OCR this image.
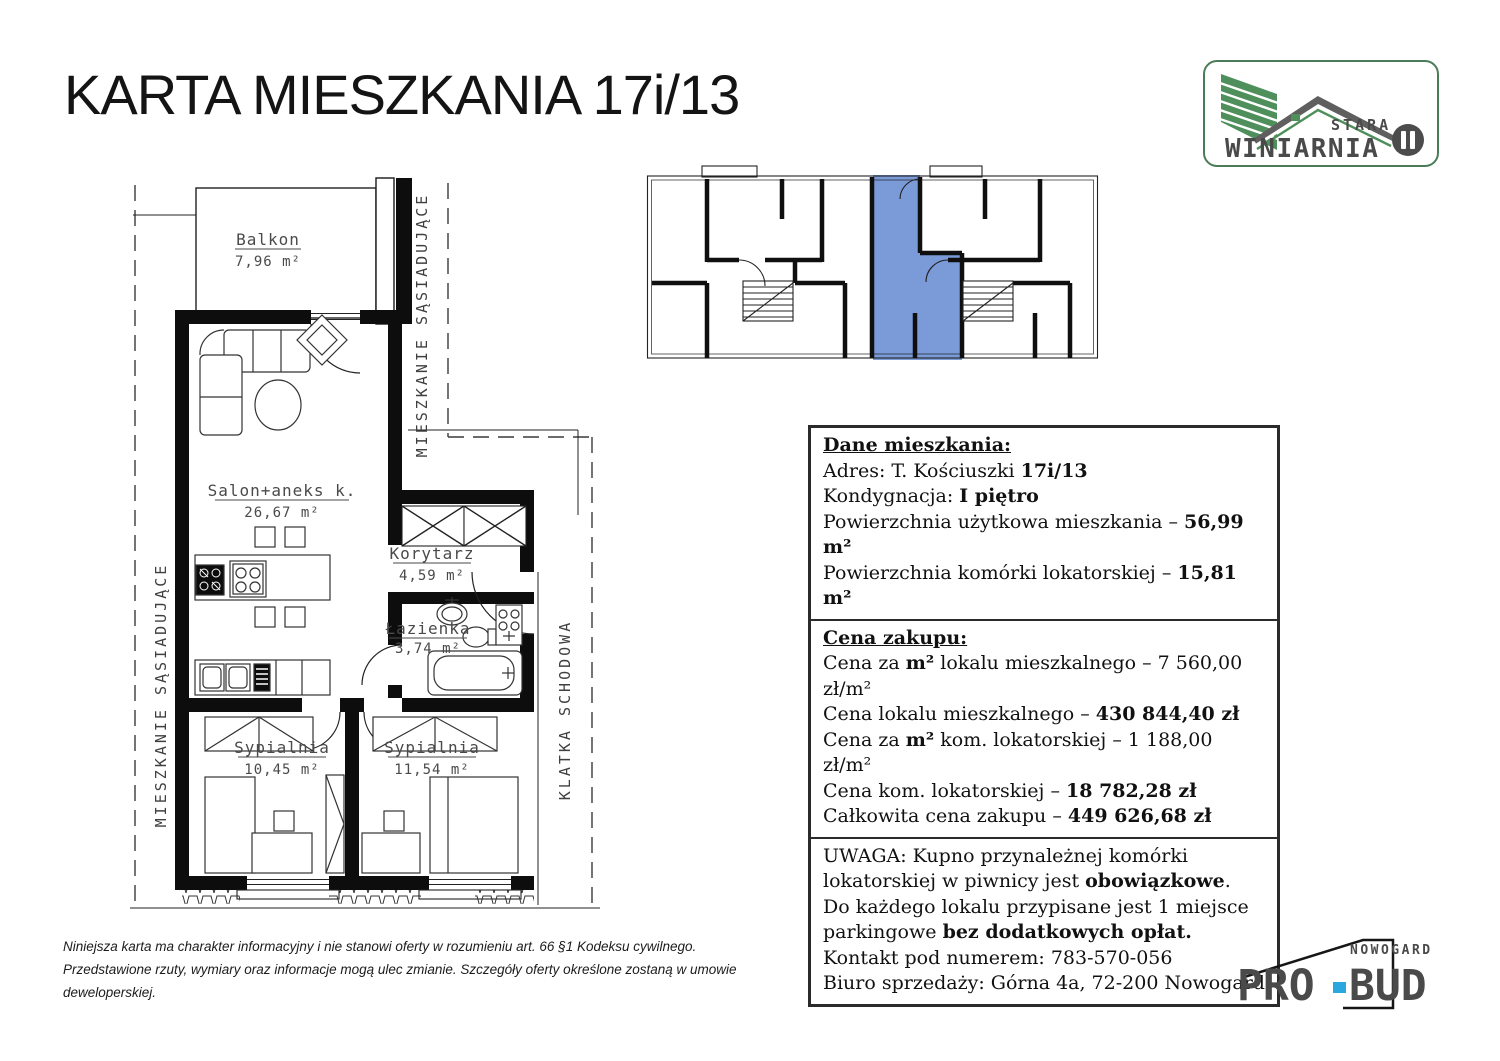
KARTA MIESZKANIA 17i/13	STARA
WINIARNIA
Balkon
7,96 m²
Salon+aneks k.
26,67 m²
Korytarz
4,59 m²
Łazienka
3,74 m²
Sypialnia
10,45 m²
Sypialnia
11,54 m²
MIESZKANIE SĄSIADUJĄCE
MIESZKANIE SĄSIADUJĄCE
KLATKA SCHODOWA
Dane mieszkania:
Adres: T. Kościuszki 17i/13
Kondygnacja: I piętro
Powierzchnia użytkowa mieszkania – 56,99 m²
Powierzchnia komórki lokatorskiej – 15,81 m²
Cena zakupu:
Cena za m² lokalu mieszkalnego – 7 560,00 zł/m²
Cena lokalu mieszkalnego – 430 844,40 zł
Cena za m² kom. lokatorskiej – 1 188,00 zł/m²
Cena kom. lokatorskiej – 18 782,28 zł
Całkowita cena zakupu – 449 626,68 zł
UWAGA: Kupno przynależnej komórki lokatorskiej w piwnicy jest obowiązkowe.
Do każdego lokalu przypisane jest 1 miejsce parkingowe bez dodatkowych opłat.
Kontakt pod numerem: 783-570-056
Biuro sprzedaży: Górna 4a, 72-200 Nowogard
Niniejsza karta ma charakter informacyjny i nie stanowi oferty w rozumieniu art. 66 §1 Kodeksu cywilnego. Przedstawione rzuty, wymiary oraz informacje mogą ulec zmianie. Szczegóły oferty określone zostaną w umowie deweloperskiej.
NOWOGARD
PRO BUD
